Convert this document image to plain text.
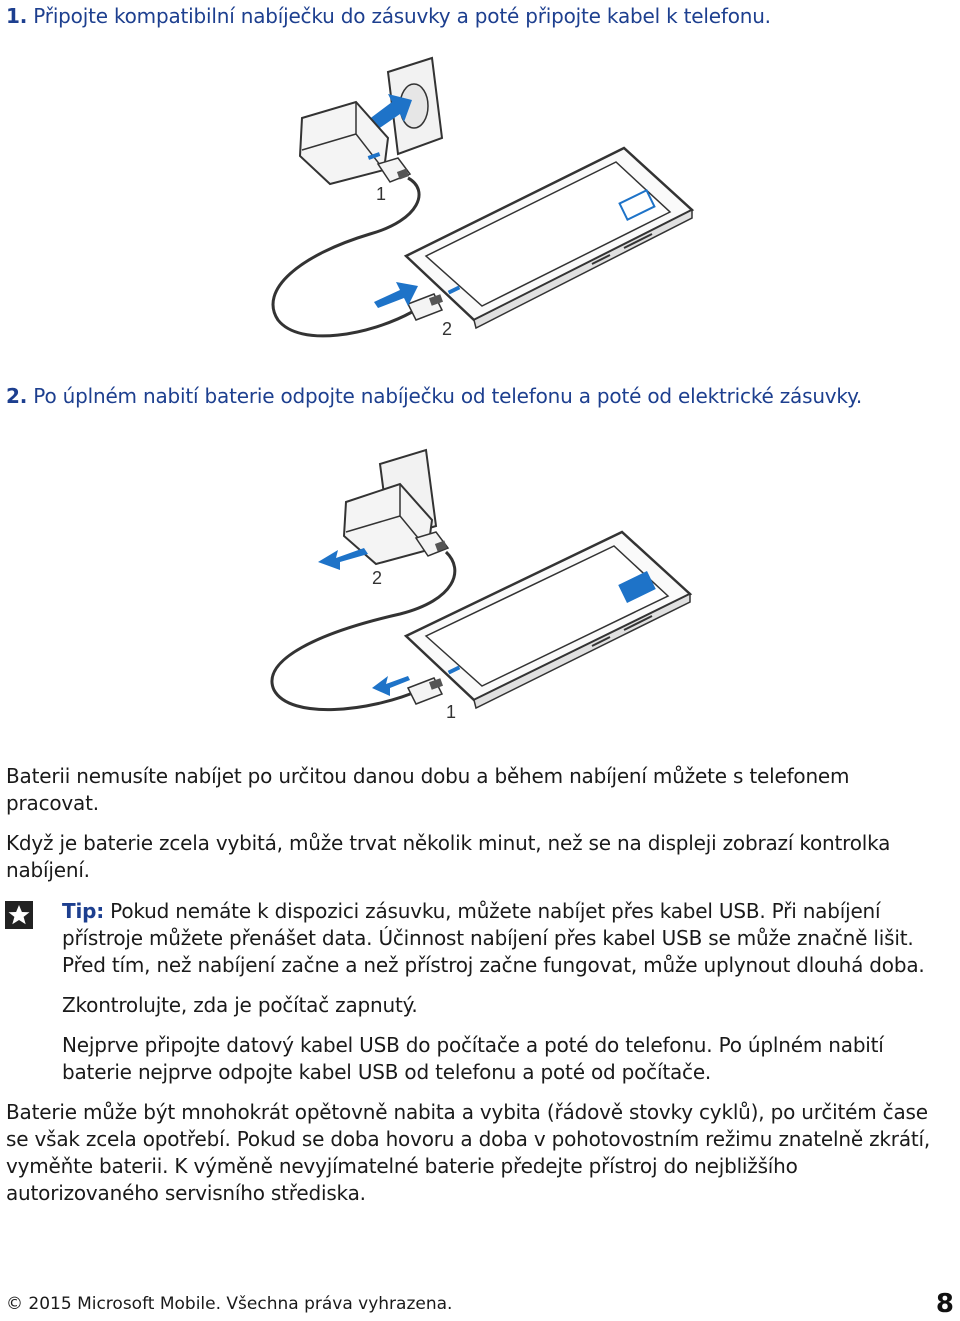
1. Připojte kompatibilní nabíječku do zásuvky a poté připojte kabel k telefonu.
1
2
2. Po úplném nabití baterie odpojte nabíječku od telefonu a poté od elektrické zásuvky.
2
1

Baterii nemusíte nabíjet po určitou danou dobu a během nabíjení můžete s telefonem pracovat.

Když je baterie zcela vybitá, může trvat několik minut, než se na displeji zobrazí kontrolka nabíjení.

Tip: Pokud nemáte k dispozici zásuvku, můžete nabíjet přes kabel USB. Při nabíjení přístroje můžete přenášet data. Účinnost nabíjení přes kabel USB se může značně lišit. Před tím, než nabíjení začne a než přístroj začne fungovat, může uplynout dlouhá doba.

Zkontrolujte, zda je počítač zapnutý.

Nejprve připojte datový kabel USB do počítače a poté do telefonu. Po úplném nabití baterie nejprve odpojte kabel USB od telefonu a poté od počítače.

Baterie může být mnohokrát opětovně nabita a vybita (řádově stovky cyklů), po určitém čase se však zcela opotřebí. Pokud se doba hovoru a doba v pohotovostním režimu znatelně zkrátí, vyměňte baterii. K výměně nevyjímatelné baterie předejte přístroj do nejbližšího autorizovaného servisního střediska.

© 2015 Microsoft Mobile. Všechna práva vyhrazena.	8
